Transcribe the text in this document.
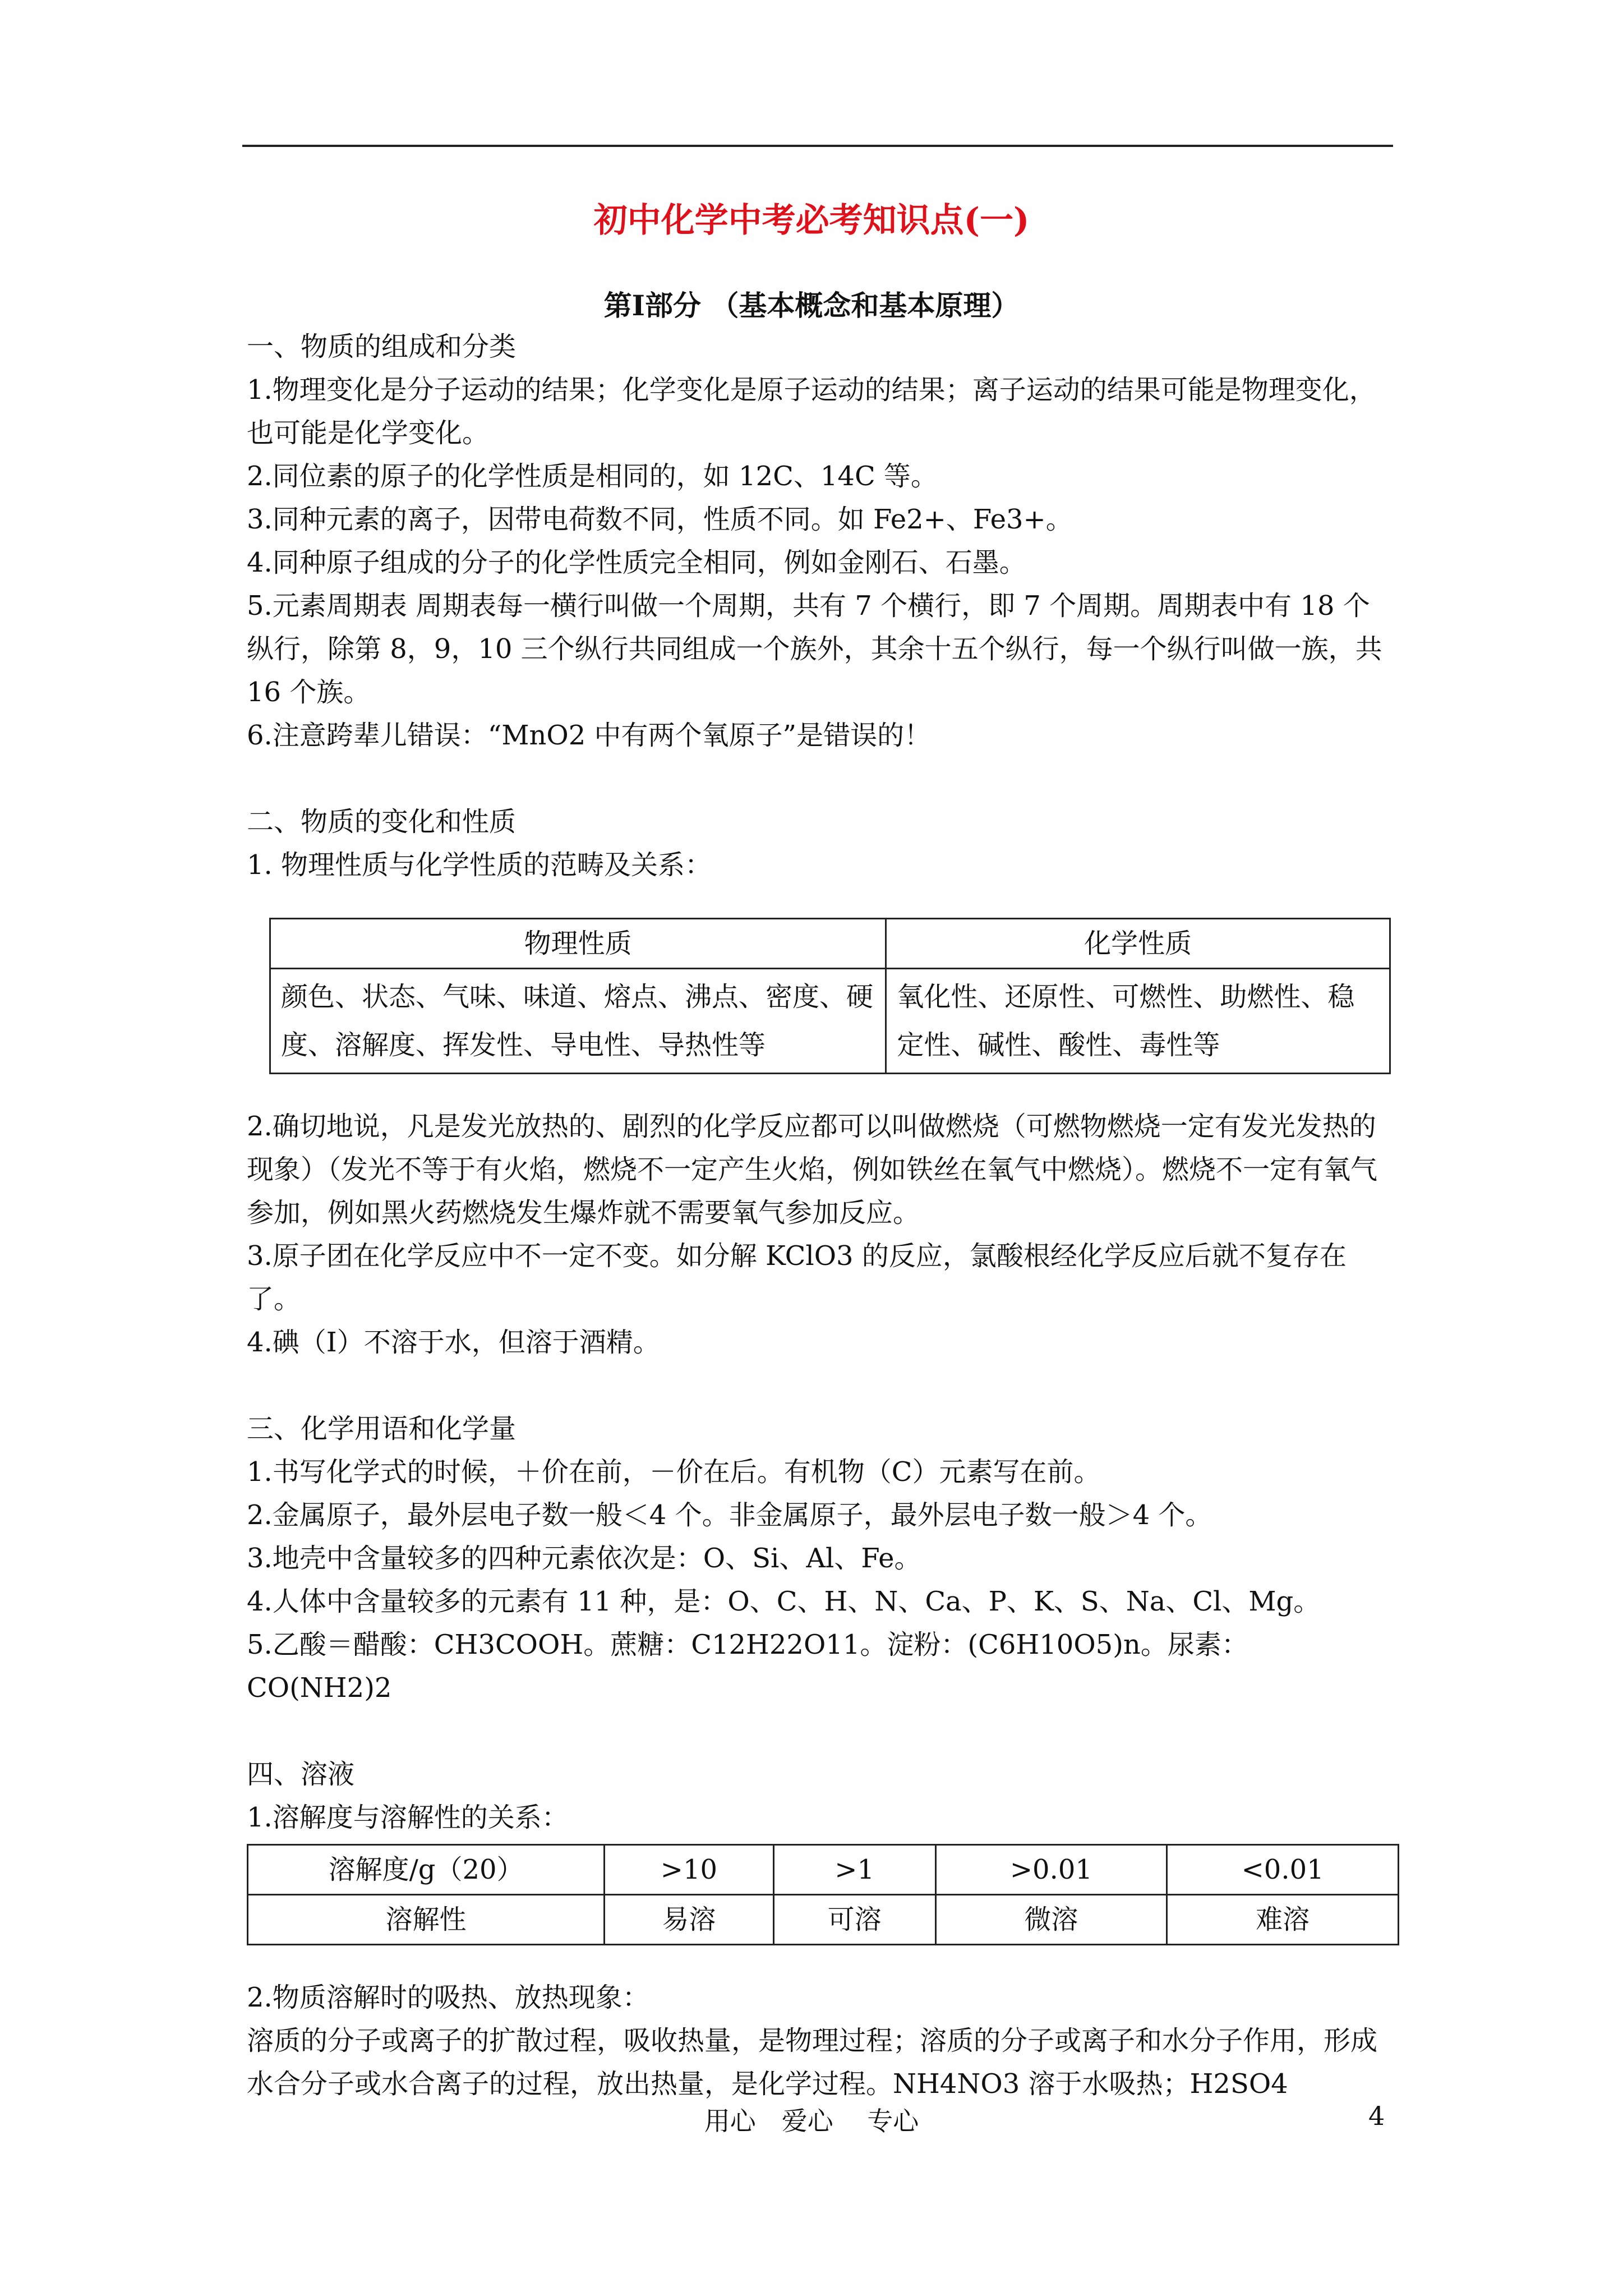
初中化学中考必考知识点(一)
第Ⅰ部分 （基本概念和基本原理）

一、物质的组成和分类

1.物理变化是分子运动的结果；化学变化是原子运动的结果；离子运动的结果可能是物理变化，也可能是化学变化。

2.同位素的原子的化学性质是相同的，如 12C、14C 等。

3.同种元素的离子，因带电荷数不同，性质不同。如 Fe2+、Fe3+。

4.同种原子组成的分子的化学性质完全相同，例如金刚石、石墨。

5.元素周期表 周期表每一横行叫做一个周期，共有 7 个横行，即 7 个周期。周期表中有 18 个纵行，除第 8，9，10 三个纵行共同组成一个族外，其余十五个纵行，每一个纵行叫做一族，共 16 个族。

6.注意跨辈儿错误：“MnO2 中有两个氧原子”是错误的！

二、物质的变化和性质

1. 物理性质与化学性质的范畴及关系：

物理性质	化学性质
颜色、状态、气味、味道、熔点、沸点、密度、硬度、溶解度、挥发性、导电性、导热性等	氧化性、还原性、可燃性、助燃性、稳定性、碱性、酸性、毒性等

2.确切地说，凡是发光放热的、剧烈的化学反应都可以叫做燃烧（可燃物燃烧一定有发光发热的现象）（发光不等于有火焰，燃烧不一定产生火焰，例如铁丝在氧气中燃烧）。燃烧不一定有氧气参加，例如黑火药燃烧发生爆炸就不需要氧气参加反应。

3.原子团在化学反应中不一定不变。如分解 KClO3 的反应，氯酸根经化学反应后就不复存在了。

4.碘（I）不溶于水，但溶于酒精。

三、化学用语和化学量

1.书写化学式的时候，＋价在前，－价在后。有机物（C）元素写在前。

2.金属原子，最外层电子数一般＜4 个。非金属原子，最外层电子数一般＞4 个。

3.地壳中含量较多的四种元素依次是：O、Si、Al、Fe。

4.人体中含量较多的元素有 11 种，是：O、C、H、N、Ca、P、K、S、Na、Cl、Mg。

5.乙酸＝醋酸：CH3COOH。蔗糖：C12H22O11。淀粉：(C6H10O5)n。尿素：CO(NH2)2

四、溶液

1.溶解度与溶解性的关系：

溶解度/g（20）	>10	>1	>0.01	<0.01
溶解性	易溶	可溶	微溶	难溶

2.物质溶解时的吸热、放热现象：

溶质的分子或离子的扩散过程，吸收热量，是物理过程；溶质的分子或离子和水分子作用，形成水合分子或水合离子的过程，放出热量，是化学过程。NH4NO3 溶于水吸热；H2SO4

用心　爱心　 专心	4
